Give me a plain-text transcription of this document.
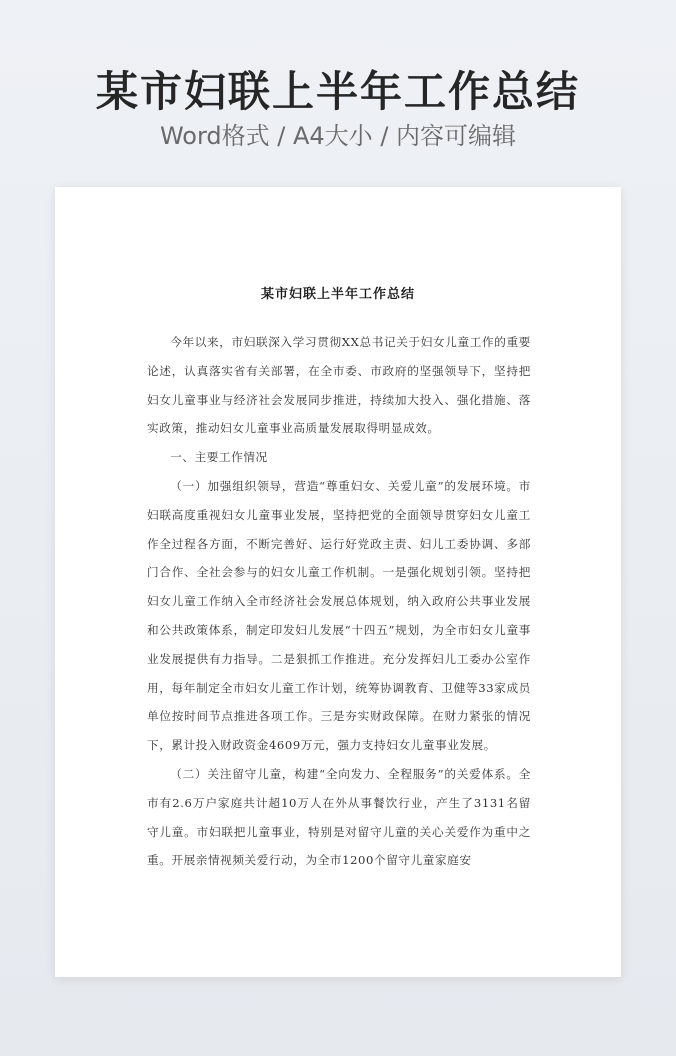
某市妇联上半年工作总结
Word格式 / A4大小 / 内容可编辑
某市妇联上半年工作总结

今年以来，市妇联深入学习贯彻XX总书记关于妇女儿童工作的重要论述，认真落实省有关部署，在全市委、市政府的坚强领导下，坚持把妇女儿童事业与经济社会发展同步推进，持续加大投入、强化措施、落实政策，推动妇女儿童事业高质量发展取得明显成效。

一、主要工作情况

（一）加强组织领导，营造“尊重妇女、关爱儿童”的发展环境。市妇联高度重视妇女儿童事业发展，坚持把党的全面领导贯穿妇女儿童工作全过程各方面，不断完善好、运行好党政主责、妇儿工委协调、多部门合作、全社会参与的妇女儿童工作机制。一是强化规划引领。坚持把妇女儿童工作纳入全市经济社会发展总体规划，纳入政府公共事业发展和公共政策体系，制定印发妇儿发展“十四五”规划，为全市妇女儿童事业发展提供有力指导。二是狠抓工作推进。充分发挥妇儿工委办公室作用，每年制定全市妇女儿童工作计划，统筹协调教育、卫健等33家成员单位按时间节点推进各项工作。三是夯实财政保障。在财力紧张的情况下，累计投入财政资金4609万元，强力支持妇女儿童事业发展。

（二）关注留守儿童，构建“全向发力、全程服务”的关爱体系。全市有2.6万户家庭共计超10万人在外从事餐饮行业，产生了3131名留守儿童。市妇联把儿童事业，特别是对留守儿童的关心关爱作为重中之重。开展亲情视频关爱行动，为全市1200个留守儿童家庭安
